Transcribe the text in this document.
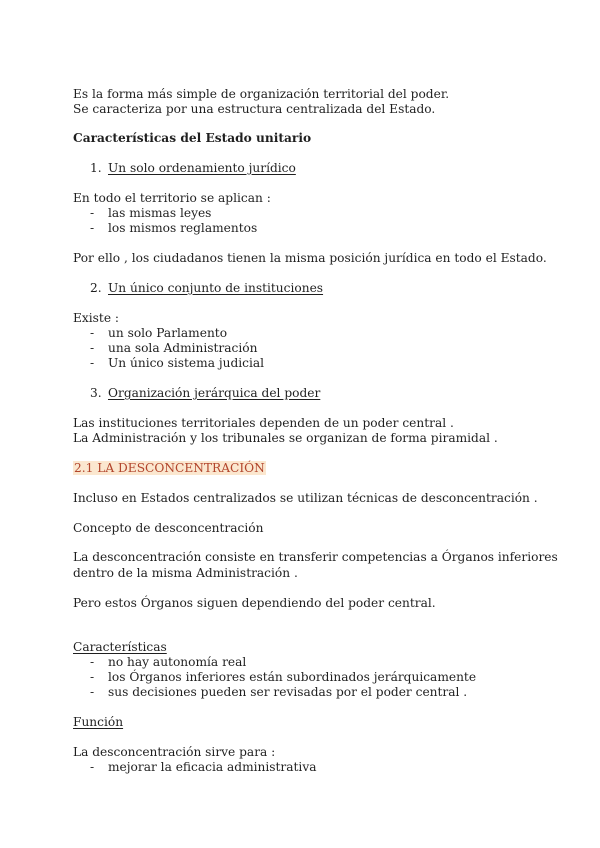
Es la forma más simple de organización territorial del poder.
Se caracteriza por una estructura centralizada del Estado.
Características del Estado unitario
1. Un solo ordenamiento jurídico
En todo el territorio se aplican :
- las mismas leyes
- los mismos reglamentos
Por ello , los ciudadanos tienen la misma posición jurídica en todo el Estado.
2. Un único conjunto de instituciones
Existe :
- un solo Parlamento
- una sola Administración
- Un único sistema judicial
3. Organización jerárquica del poder
Las instituciones territoriales dependen de un poder central .
La Administración y los tribunales se organizan de forma piramidal .
2.1 LA DESCONCENTRACIÓN
Incluso en Estados centralizados se utilizan técnicas de desconcentración .
Concepto de desconcentración
La desconcentración consiste en transferir competencias a Órganos inferiores
dentro de la misma Administración .
Pero estos Órganos siguen dependiendo del poder central.
Características
- no hay autonomía real
- los Órganos inferiores están subordinados jerárquicamente
- sus decisiones pueden ser revisadas por el poder central .
Función
La desconcentración sirve para :
- mejorar la eficacia administrativa
